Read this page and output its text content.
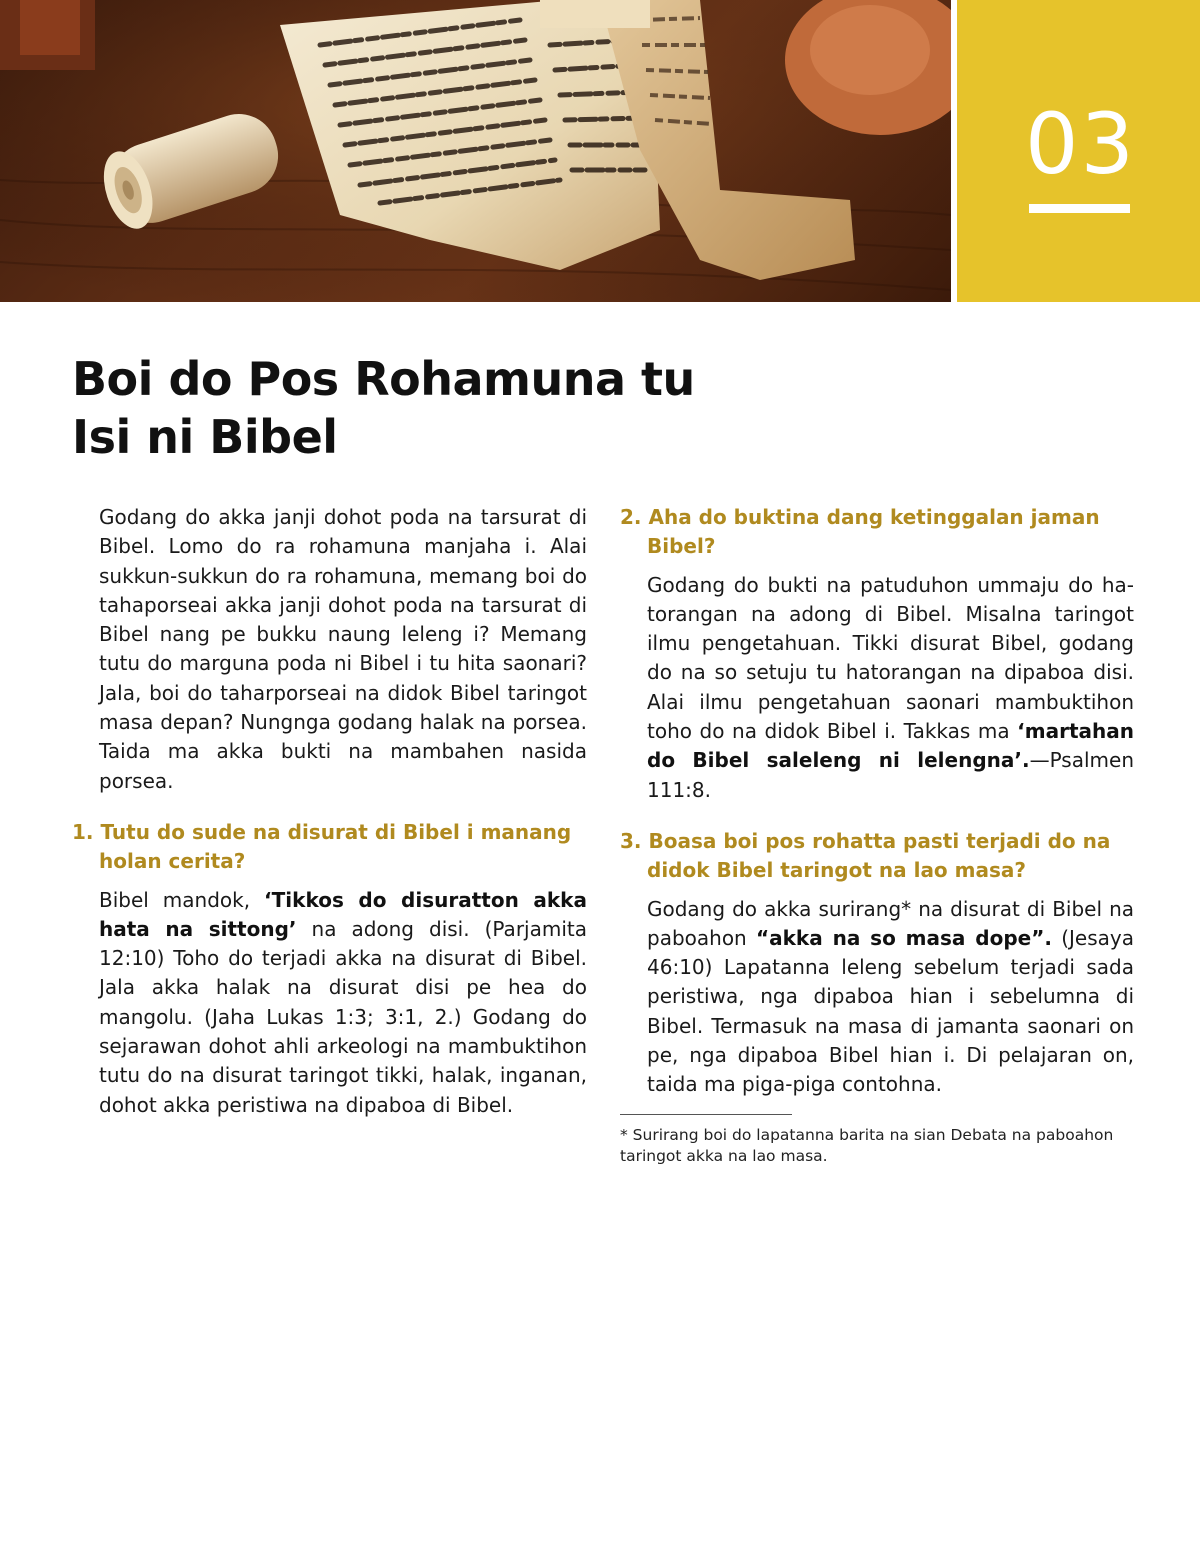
03
Boi do Pos Rohamuna tu
Isi ni Bibel

Godang do akka janji dohot poda na tarsurat di Bibel. Lomo do ra rohamuna manjaha i. Alai sukkun-sukkun do ra rohamuna, memang boi do tahaporseai akka janji dohot poda na tarsurat di Bibel nang pe bukku naung leleng i? Memang tutu do marguna poda ni Bibel i tu hita saonari? Jala, boi do taharporseai na didok Bibel taringot masa depan? Nungnga godang halak na porsea. Taida ma akka bukti na mambahen nasida porsea.

1. Tutu do sude na disurat di Bibel i manang holan cerita?

Bibel mandok, ‘Tikkos do disuratton akka hata na sittong’ na adong disi. (Parjamita 12:10) Toho do terjadi akka na disurat di Bibel. Jala akka halak na disurat disi pe hea do mangolu. (Jaha Lukas 1:3; 3:1, 2.) Godang do sejarawan dohot ahli arkeologi na mambuktihon tutu do na disurat taringot tikki, halak, inganan, dohot akka peristiwa na dipaboa di Bibel.

2. Aha do buktina dang ketinggalan jaman Bibel?

Godang do bukti na patuduhon ummaju do hatorangan na adong di Bibel. Misalna taringot ilmu pengetahuan. Tikki disurat Bibel, godang do na so setuju tu hatorangan na dipaboa disi. Alai ilmu pengetahuan saonari mambuktihon toho do na didok Bibel i. Takkas ma ‘martahan do Bibel saleleng ni lelengna’.—Psalmen 111:8.

3. Boasa boi pos rohatta pasti terjadi do na didok Bibel taringot na lao masa?

Godang do akka surirang* na disurat di Bibel na paboahon “akka na so masa dope”. (Jesaya 46:10) Lapatanna leleng sebelum terjadi sada peristiwa, nga dipaboa hian i sebelumna di Bibel. Termasuk na masa di jamanta saonari on pe, nga dipaboa Bibel hian i. Di pelajaran on, taida ma piga-piga contohna.

* Surirang boi do lapatanna barita na sian Debata na paboahon taringot akka na lao masa.
